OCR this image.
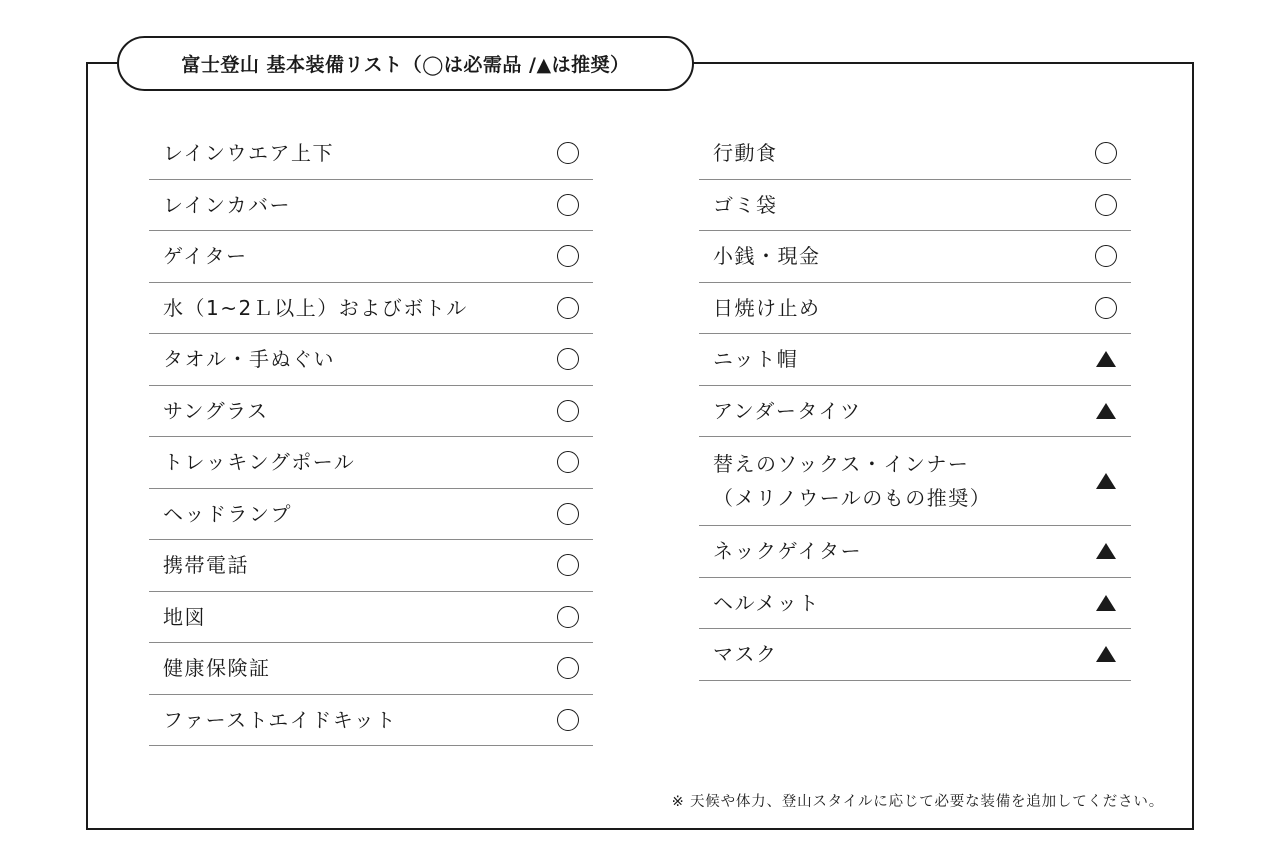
富士登山 基本装備リスト（◯は必需品 /▲は推奨）
レインウエア上下
レインカバー
ゲイター
水（1~2Ｌ以上）およびボトル
タオル・手ぬぐい
サングラス
トレッキングポール
ヘッドランプ
携帯電話
地図
健康保険証
ファーストエイドキット
行動食
ゴミ袋
小銭・現金
日焼け止め
ニット帽
アンダータイツ
替えのソックス・インナー
（メリノウールのもの推奨）
ネックゲイター
ヘルメット
マスク
※ 天候や体力、登山スタイルに応じて必要な装備を追加してください。
